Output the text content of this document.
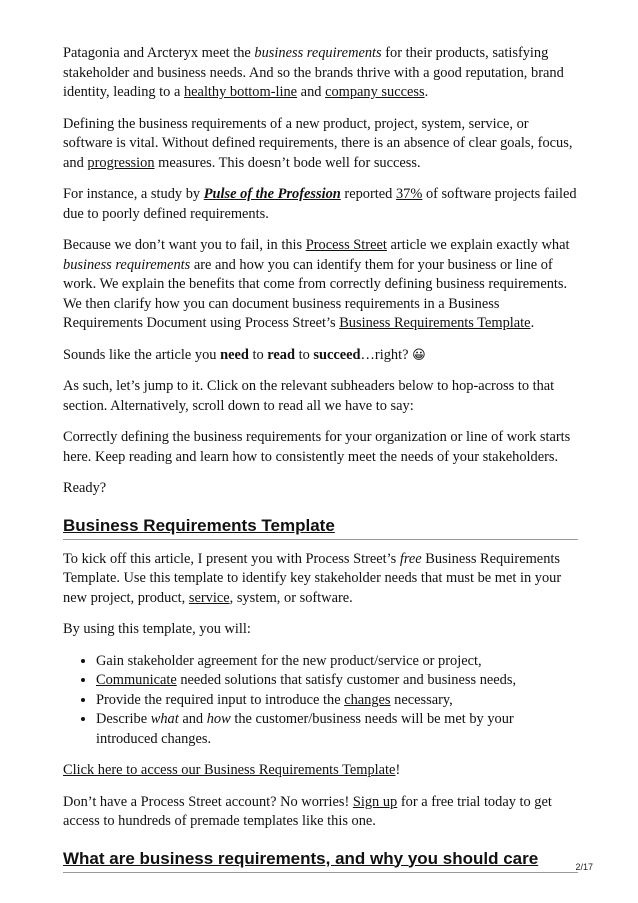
Patagonia and Arcteryx meet the business requirements for their products, satisfying stakeholder and business needs. And so the brands thrive with a good reputation, brand identity, leading to a healthy bottom-line and company success.

Defining the business requirements of a new product, project, system, service, or software is vital. Without defined requirements, there is an absence of clear goals, focus, and progression measures. This doesn’t bode well for success.

For instance, a study by Pulse of the Profession reported 37% of software projects failed due to poorly defined requirements.

Because we don’t want you to fail, in this Process Street article we explain exactly what business requirements are and how you can identify them for your business or line of work. We explain the benefits that come from correctly defining business requirements. We then clarify how you can document business requirements in a Business Requirements Document using Process Street’s Business Requirements Template.

Sounds like the article you need to read to succeed…right? 😀

As such, let’s jump to it. Click on the relevant subheaders below to hop-across to that section. Alternatively, scroll down to read all we have to say:

Correctly defining the business requirements for your organization or line of work starts here. Keep reading and learn how to consistently meet the needs of your stakeholders.

Ready?

Business Requirements Template

To kick off this article, I present you with Process Street’s free Business Requirements Template. Use this template to identify key stakeholder needs that must be met in your new project, product, service, system, or software.

By using this template, you will:

• Gain stakeholder agreement for the new product/service or project,
• Communicate needed solutions that satisfy customer and business needs,
• Provide the required input to introduce the changes necessary,
• Describe what and how the customer/business needs will be met by your introduced changes.

Click here to access our Business Requirements Template!

Don’t have a Process Street account? No worries! Sign up for a free trial today to get access to hundreds of premade templates like this one.

What are business requirements, and why you should care	2/17
